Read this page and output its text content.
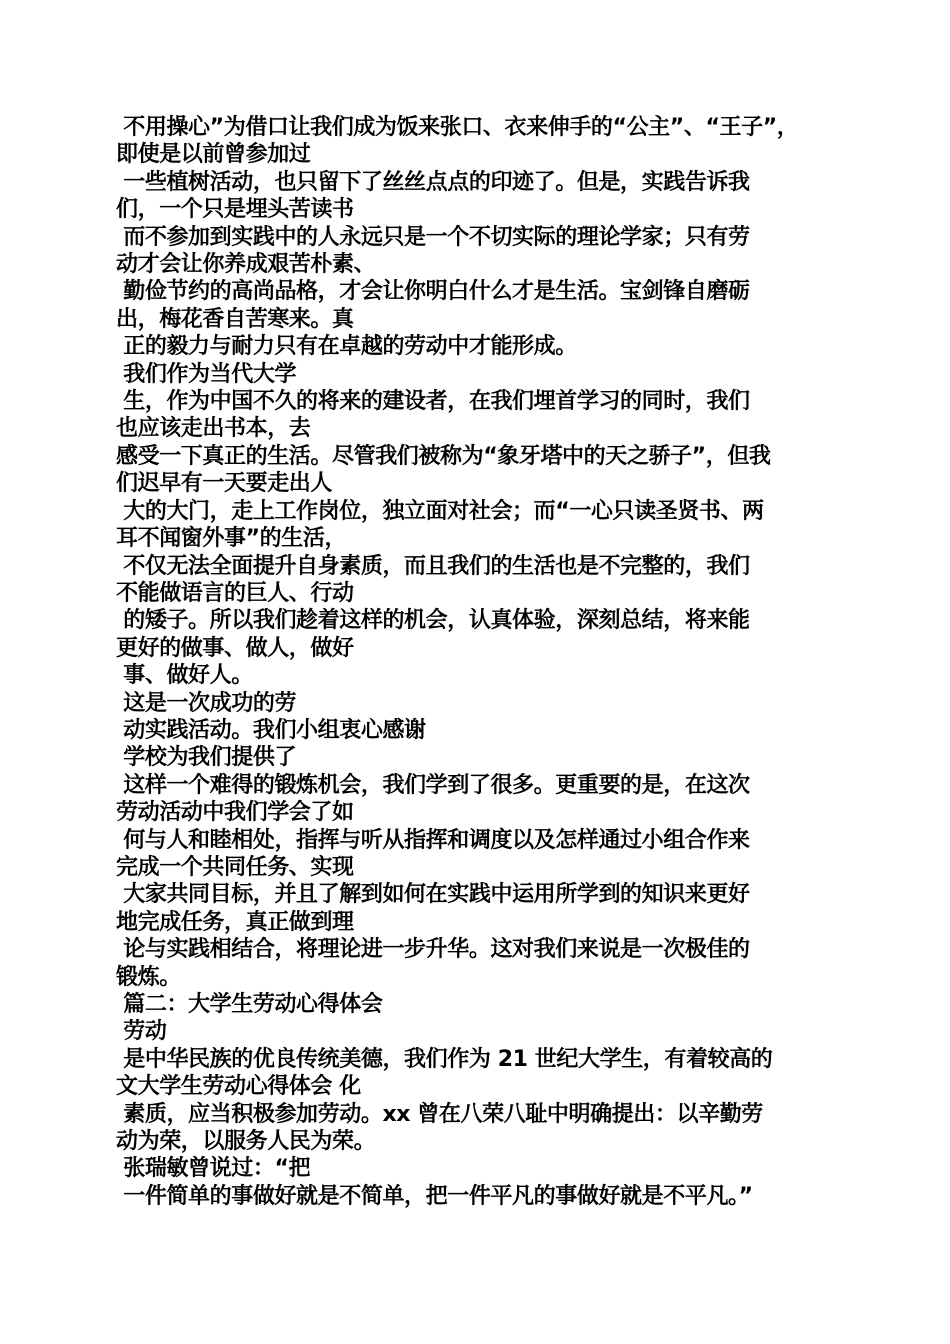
不用操心”为借口让我们成为饭来张口、衣来伸手的“公主”、“王子”，
即使是以前曾参加过
一些植树活动，也只留下了丝丝点点的印迹了。但是，实践告诉我
们，一个只是埋头苦读书
而不参加到实践中的人永远只是一个不切实际的理论学家；只有劳
动才会让你养成艰苦朴素、
勤俭节约的高尚品格，才会让你明白什么才是生活。宝剑锋自磨砺
出，梅花香自苦寒来。真
正的毅力与耐力只有在卓越的劳动中才能形成。
我们作为当代大学
生，作为中国不久的将来的建设者，在我们埋首学习的同时，我们
也应该走出书本，去
感受一下真正的生活。尽管我们被称为“象牙塔中的天之骄子”，但我
们迟早有一天要走出人
大的大门，走上工作岗位，独立面对社会；而“一心只读圣贤书、两
耳不闻窗外事”的生活，
不仅无法全面提升自身素质，而且我们的生活也是不完整的，我们
不能做语言的巨人、行动
的矮子。所以我们趁着这样的机会，认真体验，深刻总结，将来能
更好的做事、做人，做好
事、做好人。
这是一次成功的劳
动实践活动。我们小组衷心感谢
学校为我们提供了
这样一个难得的锻炼机会，我们学到了很多。更重要的是，在这次
劳动活动中我们学会了如
何与人和睦相处，指挥与听从指挥和调度以及怎样通过小组合作来
完成一个共同任务、实现
大家共同目标，并且了解到如何在实践中运用所学到的知识来更好
地完成任务，真正做到理
论与实践相结合，将理论进一步升华。这对我们来说是一次极佳的
锻炼。
篇二：大学生劳动心得体会
劳动
是中华民族的优良传统美德，我们作为 21 世纪大学生，有着较高的
文大学生劳动心得体会 化
素质，应当积极参加劳动。xx 曾在八荣八耻中明确提出：以辛勤劳
动为荣，以服务人民为荣。
张瑞敏曾说过：“把
一件简单的事做好就是不简单，把一件平凡的事做好就是不平凡。”
